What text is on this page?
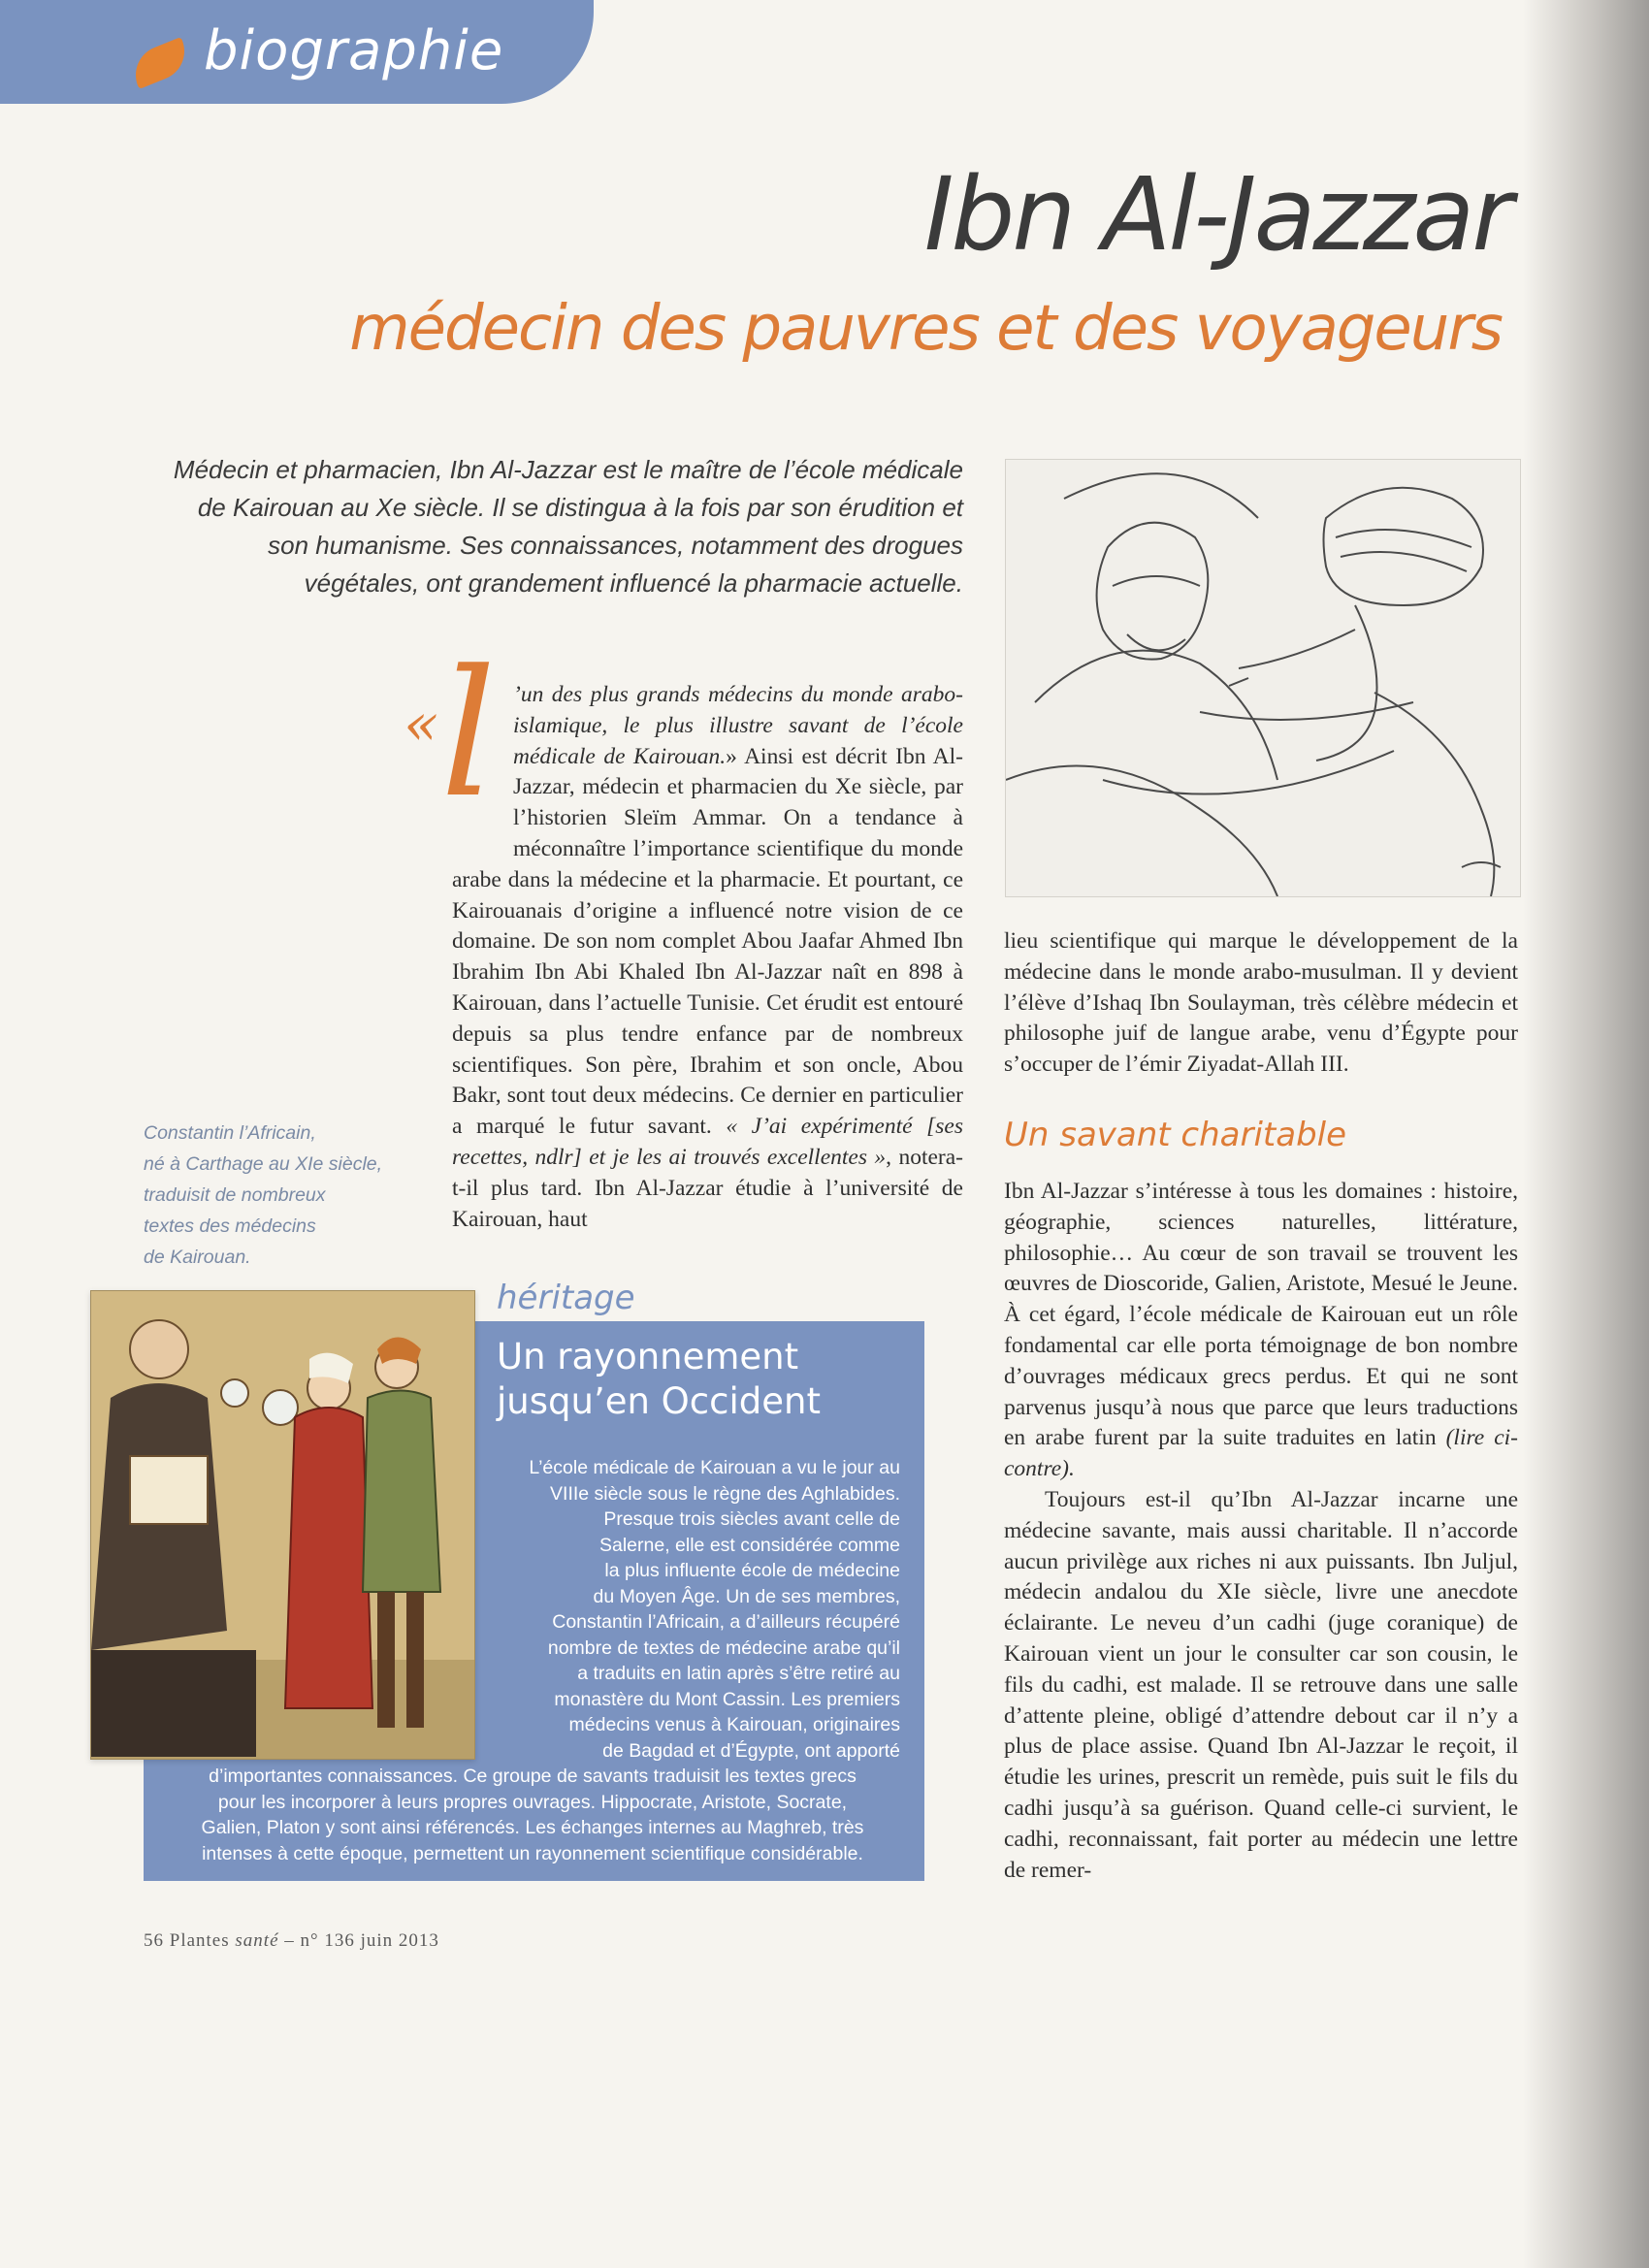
biographie
Ibn Al-Jazzar
médecin des pauvres et des voyageurs

Médecin et pharmacien, Ibn Al-Jazzar est le maître de l’école médicale

de Kairouan au Xe siècle. Il se distingua à la fois par son érudition et

son humanisme. Ses connaissances, notamment des drogues

végétales, ont grandement influencé la pharmacie actuelle.

« l ’un des plus grands médecins du monde arabo-islamique, le plus illustre savant de l’école médicale de Kairouan.» Ainsi est décrit Ibn Al-Jazzar, médecin et pharmacien du Xe siècle, par l’historien Sleïm Ammar. On a tendance à méconnaître l’importance scientifique du monde arabe dans la médecine et la pharmacie. Et pourtant, ce Kairouanais d’origine a influencé notre vision de ce domaine. De son nom complet Abou Jaafar Ahmed Ibn Ibrahim Ibn Abi Khaled Ibn Al-Jazzar naît en 898 à Kairouan, dans l’actuelle Tunisie. Cet érudit est entouré depuis sa plus tendre enfance par de nombreux scientifiques. Son père, Ibrahim et son oncle, Abou Bakr, sont tout deux médecins. Ce dernier en particulier a marqué le futur savant. « J’ai expérimenté [ses recettes, ndlr] et je les ai trouvés excellentes », notera-t-il plus tard. Ibn Al-Jazzar étudie à l’université de Kairouan, haut

lieu scientifique qui marque le développement de la médecine dans le monde arabo-musulman. Il y devient l’élève d’Ishaq Ibn Soulayman, très célèbre médecin et philosophe juif de langue arabe, venu d’Égypte pour s’occuper de l’émir Ziyadat-Allah III.

Un savant charitable

Ibn Al-Jazzar s’intéresse à tous les domaines : histoire, géographie, sciences naturelles, littérature, philosophie… Au cœur de son travail se trouvent les œuvres de Dioscoride, Galien, Aristote, Mesué le Jeune. À cet égard, l’école médicale de Kairouan eut un rôle fondamental car elle porta témoignage de bon nombre d’ouvrages médicaux grecs perdus. Et qui ne sont parvenus jusqu’à nous que parce que leurs traductions en arabe furent par la suite traduites en latin (lire ci-contre).

Toujours est-il qu’Ibn Al-Jazzar incarne une médecine savante, mais aussi charitable. Il n’accorde aucun privilège aux riches ni aux puissants. Ibn Juljul, médecin andalou du XIe siècle, livre une anecdote éclairante. Le neveu d’un cadhi (juge coranique) de Kairouan vient un jour le consulter car son cousin, le fils du cadhi, est malade. Il se retrouve dans une salle d’attente pleine, obligé d’attendre debout car il n’y a plus de place assise. Quand Ibn Al-Jazzar le reçoit, il étudie les urines, prescrit un remède, puis suit le fils du cadhi jusqu’à sa guérison. Quand celle-ci survient, le cadhi, reconnaissant, fait porter au médecin une lettre de remer-

Constantin l’Africain,
né à Carthage au XIe siècle,
traduisit de nombreux
textes des médecins
de Kairouan.
héritage
Un rayonnement
jusqu’en Occident

L’école médicale de Kairouan a vu le jour au

VIIIe siècle sous le règne des Aghlabides.

Presque trois siècles avant celle de

Salerne, elle est considérée comme

la plus influente école de médecine

du Moyen Âge. Un de ses membres,

Constantin l’Africain, a d’ailleurs récupéré

nombre de textes de médecine arabe qu’il

a traduits en latin après s’être retiré au

monastère du Mont Cassin. Les premiers

médecins venus à Kairouan, originaires

de Bagdad et d’Égypte, ont apporté

d’importantes connaissances. Ce groupe de savants traduisit les textes grecs

pour les incorporer à leurs propres ouvrages. Hippocrate, Aristote, Socrate,

Galien, Platon y sont ainsi référencés. Les échanges internes au Maghreb, très

intenses à cette époque, permettent un rayonnement scientifique considérable.

56 Plantes santé – n° 136 juin 2013
